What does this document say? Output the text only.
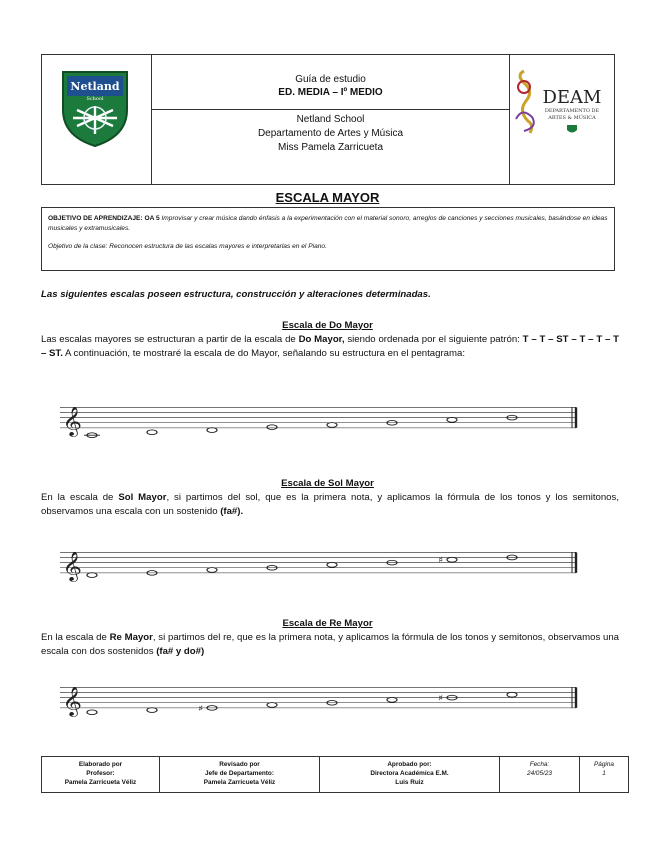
Netland
School
Guía de estudio
ED. MEDIA – Iº MEDIO
Netland School
Departamento de Artes y Música
Miss Pamela Zarricueta
DEAM
DEPARTAMENTO DE
ARTES & MÚSICA
ESCALA MAYOR

OBJETIVO DE APRENDIZAJE: OA 5 Improvisar y crear música dando énfasis a la experimentación con el material sonoro, arreglos de canciones y secciones musicales, basándose en ideas musicales y extramusicales.

Objetivo de la clase: Reconocen estructura de las escalas mayores e interpretarlas en el Piano.

Las siguientes escalas poseen estructura, construcción y alteraciones determinadas.
Escala de Do Mayor
Las escalas mayores se estructuran a partir de la escala de Do Mayor, siendo ordenada por el siguiente patrón: T – T – ST – T – T – T – ST. A continuación, te mostraré la escala de do Mayor, señalando su estructura en el pentagrama:
𝄞
Escala de Sol Mayor
En la escala de Sol Mayor, si partimos del sol, que es la primera nota, y aplicamos la fórmula de los tonos y los semitonos, observamos una escala con un sostenido (fa#).
𝄞	♯
Escala de Re Mayor
En la escala de Re Mayor, si partimos del re, que es la primera nota, y aplicamos la fórmula de los tonos y semitonos, observamos una escala con dos sostenidos (fa# y do#)
𝄞	♯
♯
Elaborado por
Profesor:
Pamela Zarricueta Véliz
Revisado por
Jefe de Departamento:
Pamela Zarricueta Véliz
Aprobado por:
Directora Académica E.M.
Luis Ruiz
Fecha:
24/05/23
Página
1
